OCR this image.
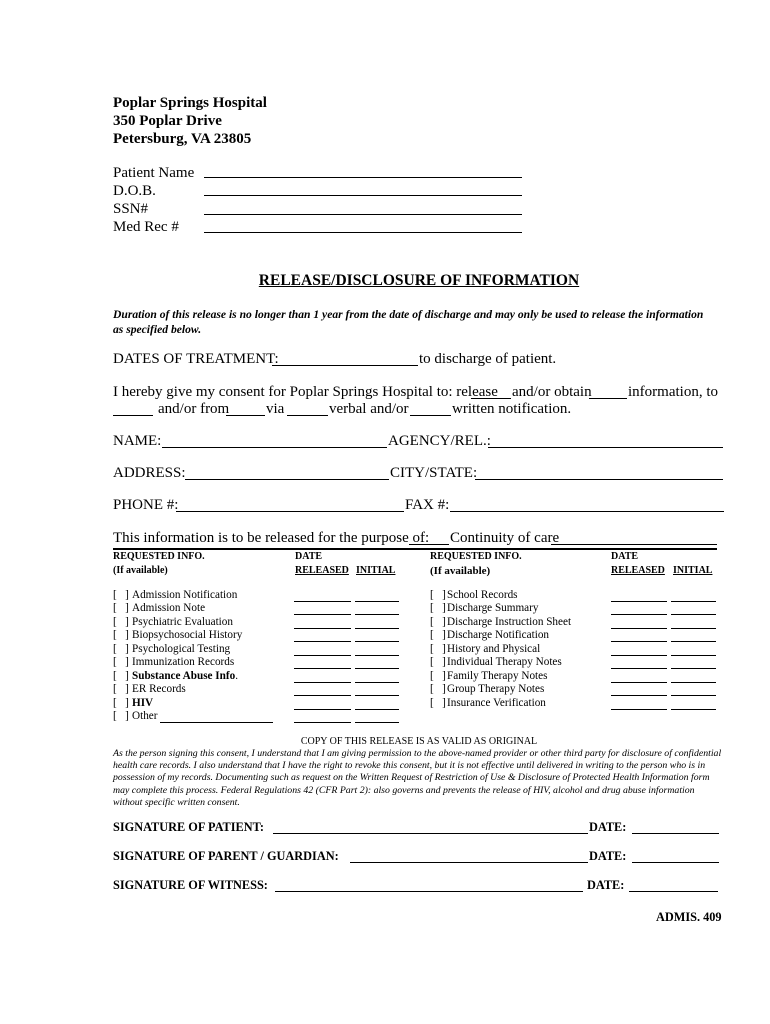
Poplar Springs Hospital
350 Poplar Drive
Petersburg, VA 23805
Patient Name
D.O.B.
SSN#
Med Rec #
RELEASE/DISCLOSURE OF INFORMATION
Duration of this release is no longer than 1 year from the date of discharge and may only be used to release the information as specified below.
DATES OF TREATMENT:	to discharge of patient.
I hereby give my consent for Poplar Springs Hospital to: release and/or obtain information, to
and/or from via	verbal and/or	written notification.
NAME:	AGENCY/REL.:
ADDRESS:	CITY/STATE:
PHONE #:	FAX #:
This information is to be released for the purpose of: Continuity of care
REQUESTED INFO.
(If available)
DATE
RELEASED INITIAL
REQUESTED INFO.
(If available)
DATE
RELEASED INITIAL
[   ] Admission Notification
[   ] Admission Note
[   ] Psychiatric Evaluation
[   ] Biopsychosocial History
[   ] Psychological Testing
[   ] Immunization Records
[   ] Substance Abuse Info.
[   ] ER Records
[   ] HIV
[   ] Other
[   ] School Records
[   ] Discharge Summary
[   ] Discharge Instruction Sheet
[   ] Discharge Notification
[   ] History and Physical
[   ] Individual Therapy Notes
[   ] Family Therapy Notes
[   ] Group Therapy Notes
[   ] Insurance Verification
COPY OF THIS RELEASE IS AS VALID AS ORIGINAL
As the person signing this consent, I understand that I am giving permission to the above-named provider or other third party for disclosure of confidential health care records. I also understand that I have the right to revoke this consent, but it is not effective until delivered in writing to the person who is in possession of my records. Documenting such as request on the Written Request of Restriction of Use & Disclosure of Protected Health Information form may complete this process. Federal Regulations 42 (CFR Part 2): also governs and prevents the release of HIV, alcohol and drug abuse information without specific written consent.
SIGNATURE OF PATIENT:	DATE:
SIGNATURE OF PARENT / GUARDIAN:	DATE:
SIGNATURE OF WITNESS:	DATE:
ADMIS. 409
